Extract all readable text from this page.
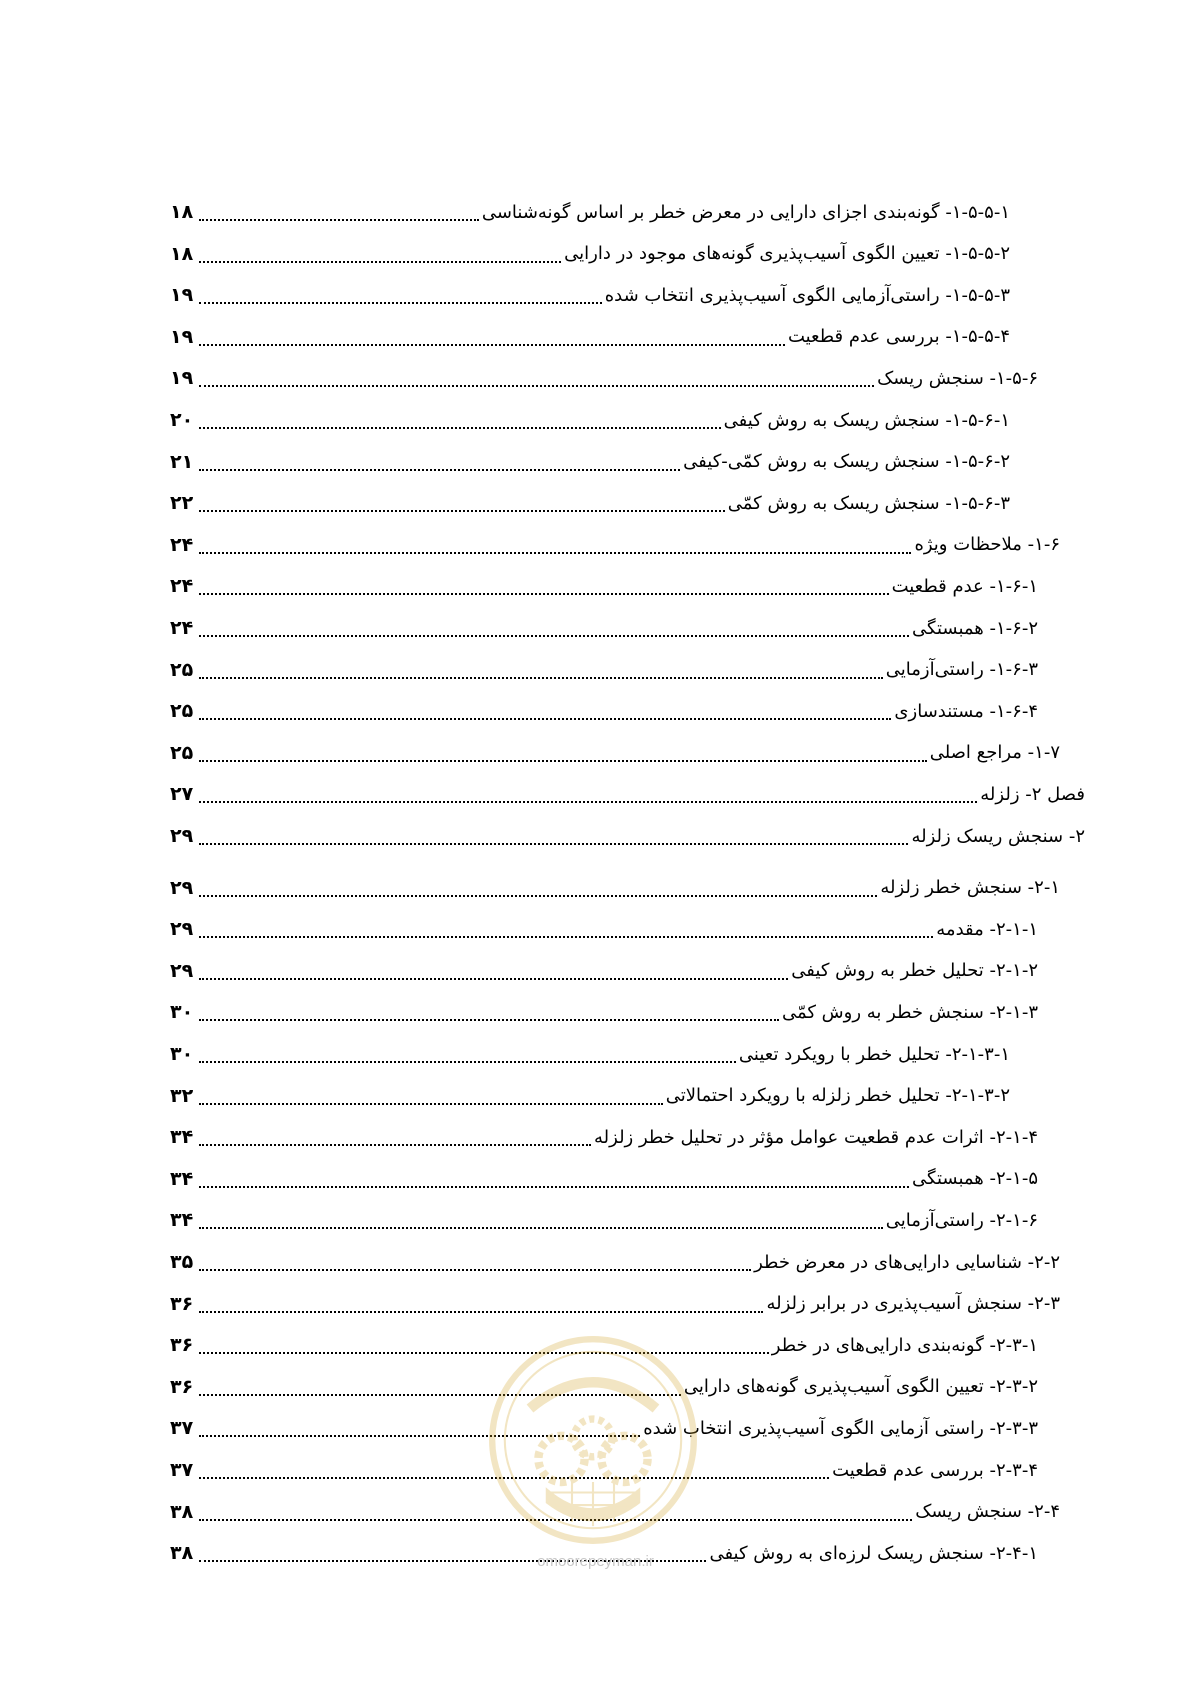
۱-۵-۵-۱- گونه‌بندی اجزای دارایی در معرض خطر بر اساس گونه‌شناسی
۱۸
۱-۵-۵-۲- تعیین الگوی آسیب‌پذیری گونه‌های موجود در دارایی
۱۸
۱-۵-۵-۳- راستی‌آزمایی الگوی آسیب‌پذیری انتخاب شده
۱۹
۱-۵-۵-۴- بررسی عدم قطعیت
۱۹
۱-۵-۶- سنجش ریسک
۱۹
۱-۵-۶-۱- سنجش ریسک به روش کیفی
۲۰
۱-۵-۶-۲- سنجش ریسک به روش کمّی-کیفی
۲۱
۱-۵-۶-۳- سنجش ریسک به روش کمّی
۲۲
۱-۶- ملاحظات ویژه
۲۴
۱-۶-۱- عدم قطعیت
۲۴
۱-۶-۲- همبستگی
۲۴
۱-۶-۳- راستی‌آزمایی
۲۵
۱-۶-۴- مستندسازی
۲۵
۱-۷- مراجع اصلی
۲۵
فصل ۲- زلزله
۲۷
۲- سنجش ریسک زلزله
۲۹
۲-۱- سنجش خطر زلزله
۲۹
۲-۱-۱- مقدمه
۲۹
۲-۱-۲- تحلیل خطر به روش کیفی
۲۹
۲-۱-۳- سنجش خطر به روش کمّی
۳۰
۲-۱-۳-۱- تحلیل خطر با رویکرد تعینی
۳۰
۲-۱-۳-۲- تحلیل خطر زلزله با رویکرد احتمالاتی
۳۲
۲-۱-۴- اثرات عدم قطعیت عوامل مؤثر در تحلیل خطر زلزله
۳۴
۲-۱-۵- همبستگی
۳۴
۲-۱-۶- راستی‌آزمایی
۳۴
۲-۲- شناسایی دارایی‌های در معرض خطر
۳۵
۲-۳- سنجش آسیب‌پذیری در برابر زلزله
۳۶
۲-۳-۱- گونه‌بندی دارایی‌های در خطر
۳۶
۲-۳-۲- تعیین الگوی آسیب‌پذیری گونه‌های دارایی
۳۶
۲-۳-۳- راستی آزمایی الگوی آسیب‌پذیری انتخاب شده
۳۷
۲-۳-۴- بررسی عدم قطعیت
۳۷
۲-۴- سنجش ریسک
۳۸
۲-۴-۱- سنجش ریسک لرزه‌ای به روش کیفی
۳۸	omoorepeyman.ir
